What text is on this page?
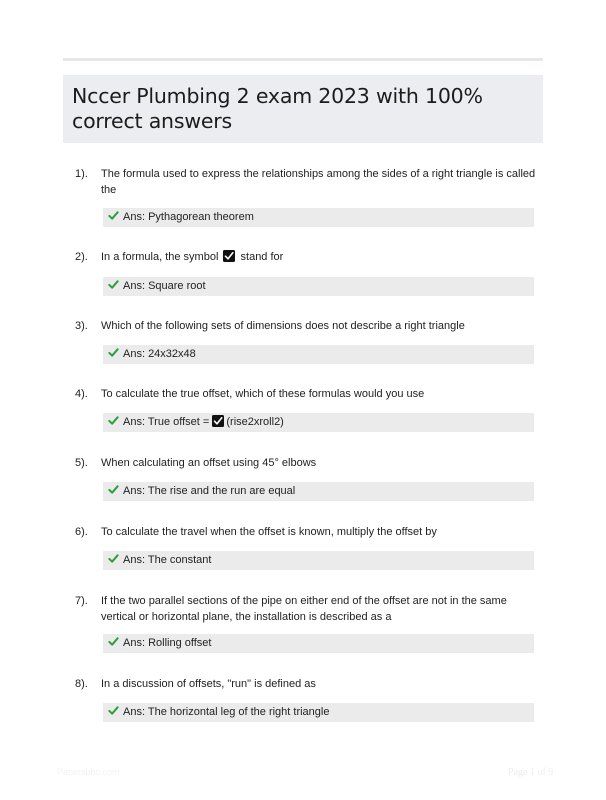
Nccer Plumbing 2 exam 2023 with 100% correct answers
1). The formula used to express the relationships among the sides of a right triangle is called the
Ans: Pythagorean theorem
2). In a formula, the symbol stand for
Ans: Square root
3). Which of the following sets of dimensions does not describe a right triangle
Ans: 24x32x48
4). To calculate the true offset, which of these formulas would you use
Ans: True offset = (rise2xroll2)
5). When calculating an offset using 45° elbows
Ans: The rise and the run are equal
6). To calculate the travel when the offset is known, multiply the offset by
Ans: The constant
7). If the two parallel sections of the pipe on either end of the offset are not in the same vertical or horizontal plane, the installation is described as a
Ans: Rolling offset
8). In a discussion of offsets, "run" is defined as
Ans: The horizontal leg of the right triangle
Papersbbc.com	Page 1 of 9
